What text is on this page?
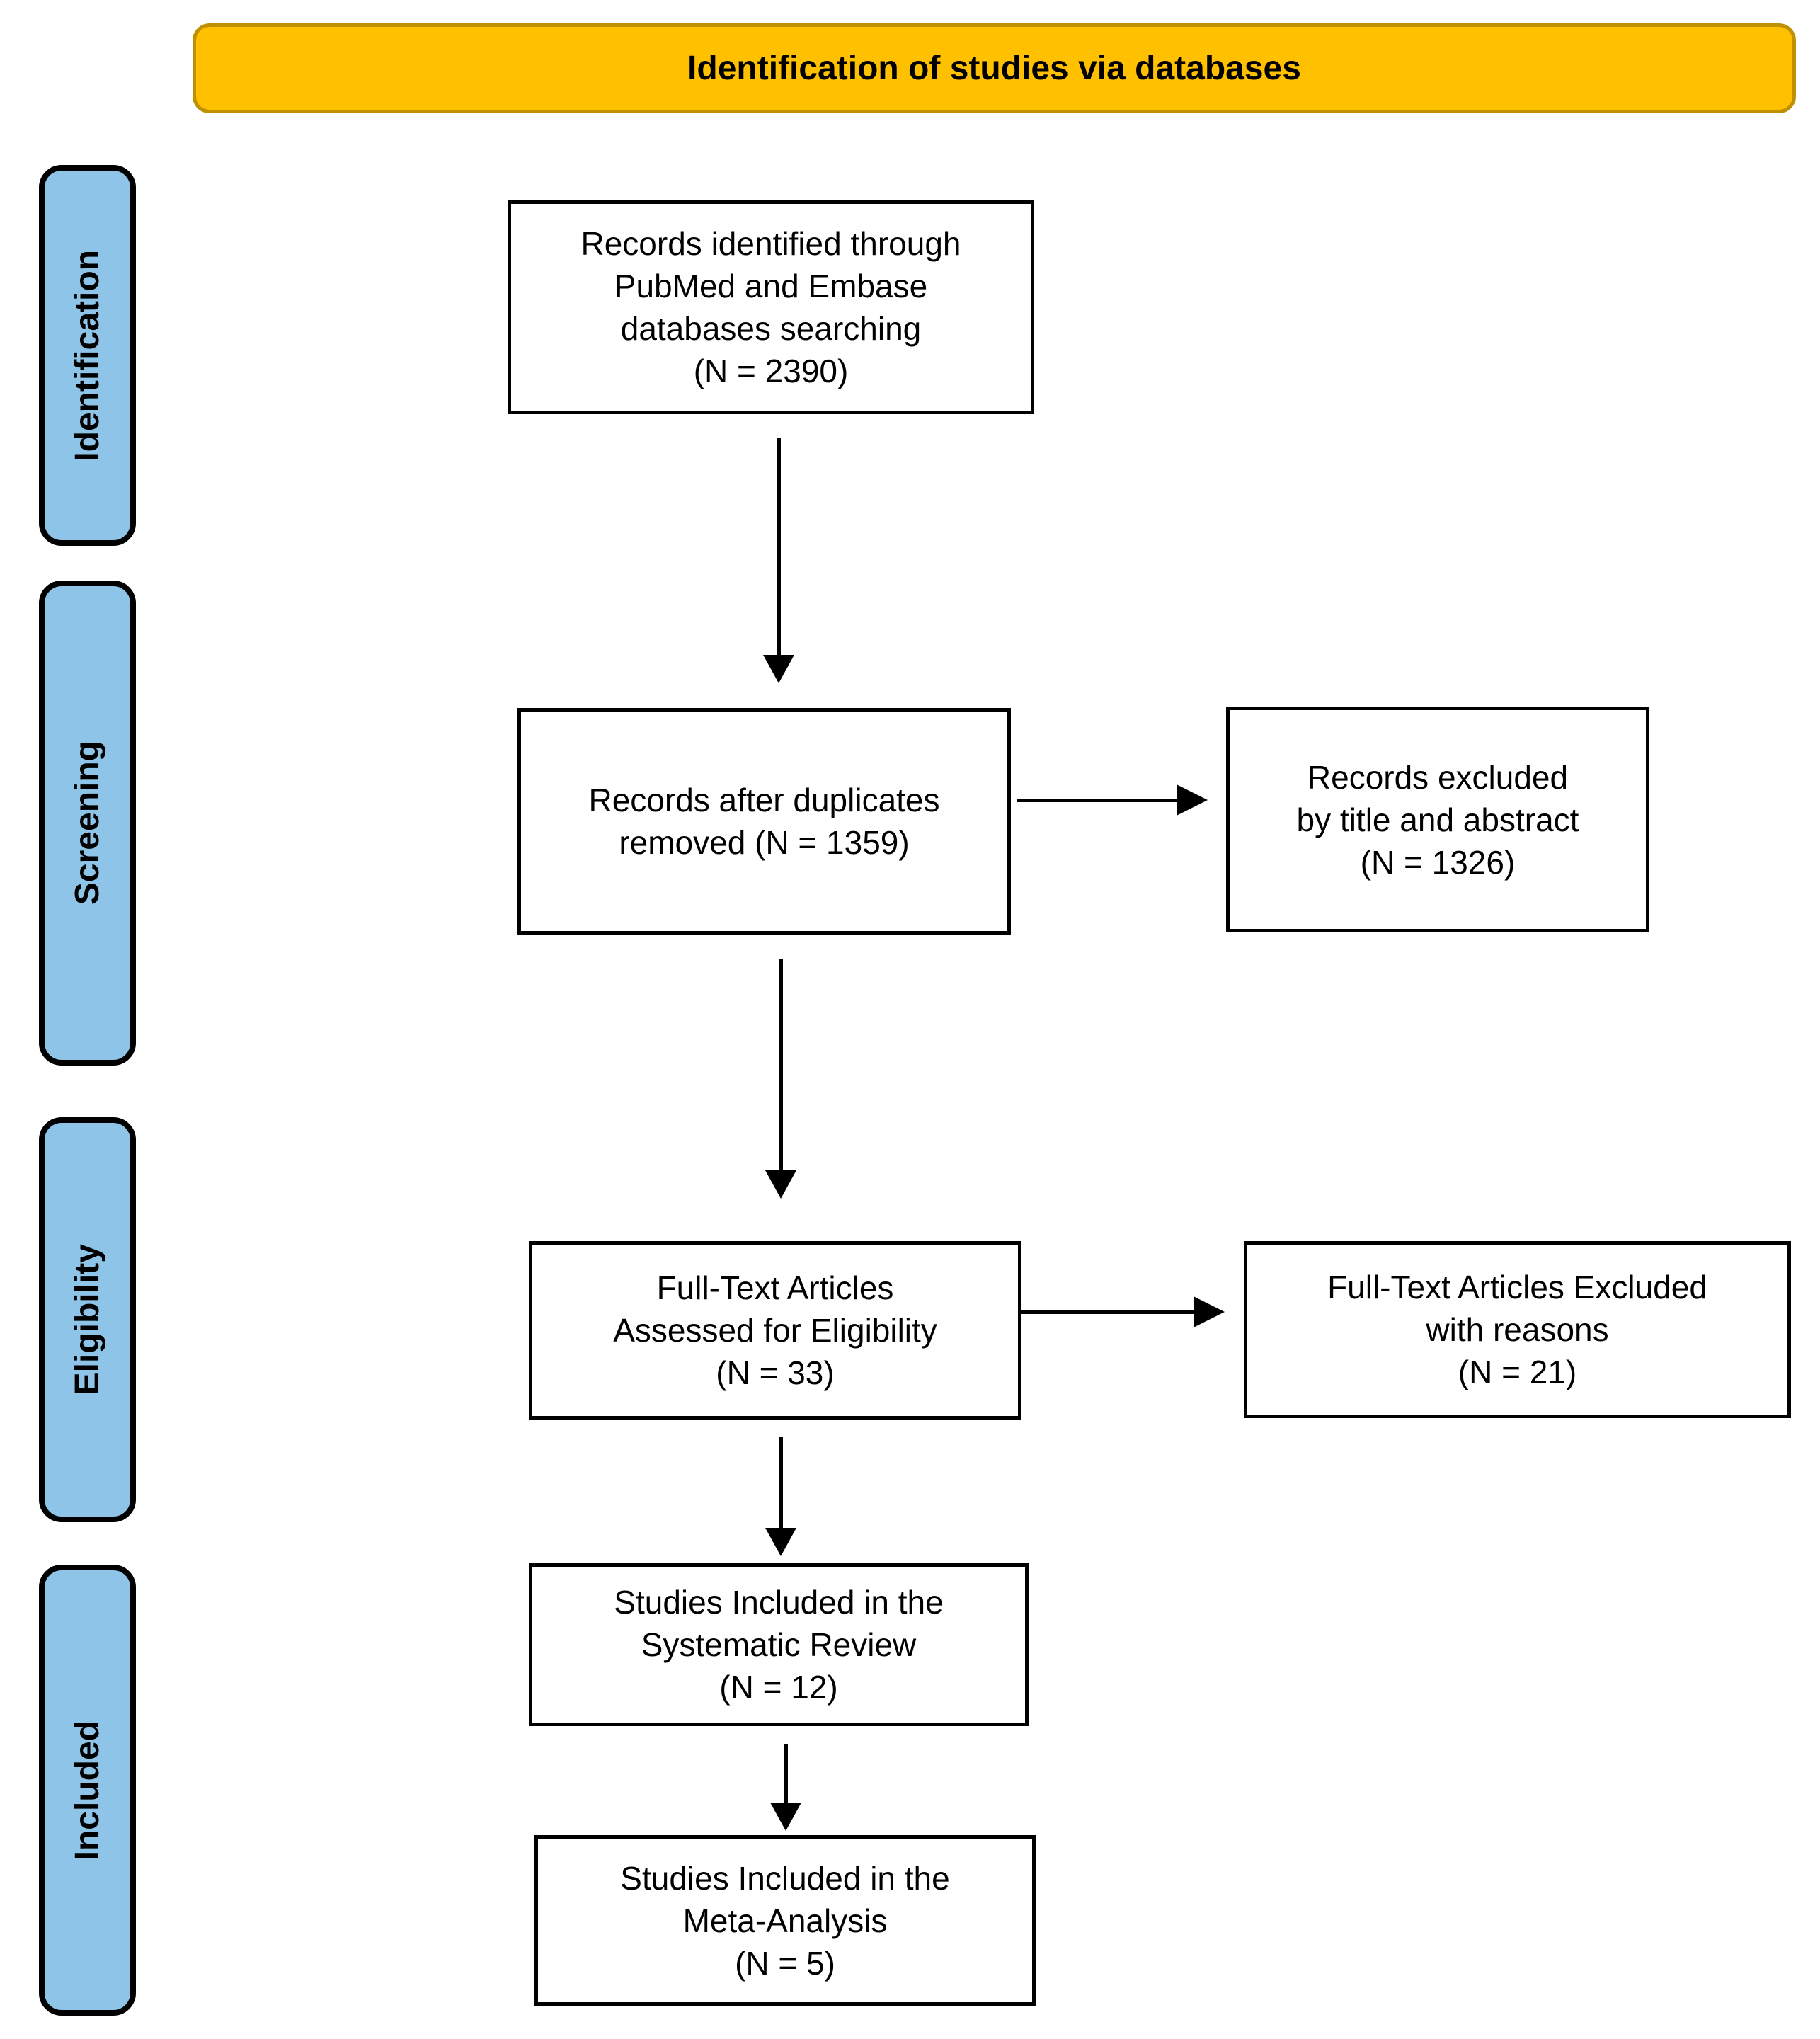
Identification of studies via databases
Identification
Screening
Eligibility
Included
Records identified through
PubMed and Embase
databases searching
(N = 2390)
Records after duplicates
removed (N = 1359)
Records excluded
by title and abstract
(N = 1326)
Full-Text Articles
Assessed for Eligibility
(N = 33)
Full-Text Articles Excluded
with reasons
(N = 21)
Studies Included in the
Systematic Review
(N = 12)
Studies Included in the
Meta-Analysis
(N = 5)
